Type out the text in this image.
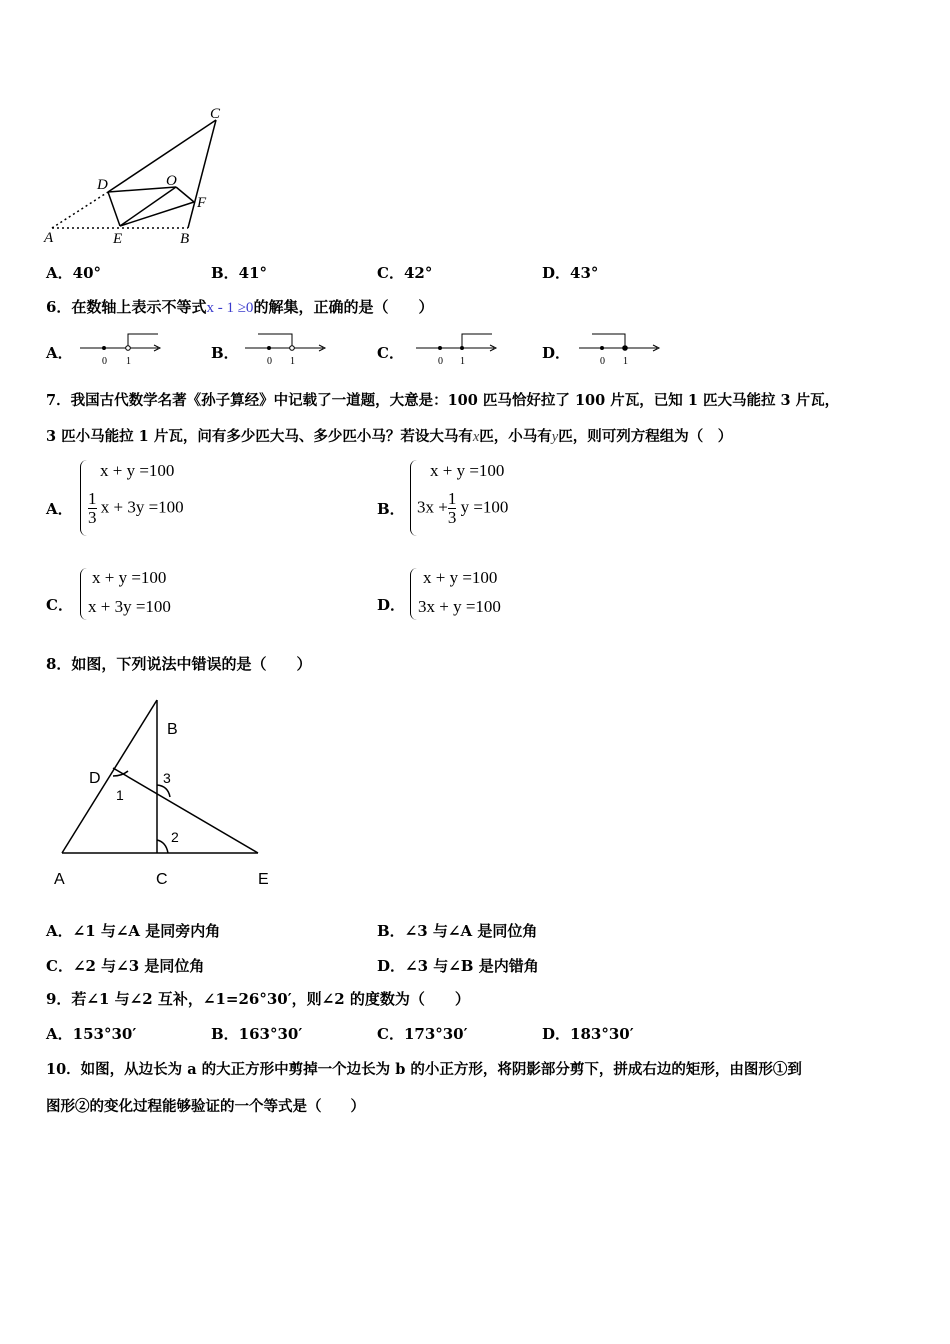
A	E	B
D	O
F
C
A．40°	B．41°	C．42°	D．43°
6．在数轴上表示不等式x - 1 ≥0的解集，正确的是（　　）
A．	B．	C．	D．
0 1	0 1	0 1	0 1
7．我国古代数学名著《孙子算经》中记载了一道题，大意是：100 匹马恰好拉了 100 片瓦，已知 1 匹大马能拉 3 片瓦，
3 匹小马能拉 1 片瓦，问有多少匹大马、多少匹小马？若设大马有x匹，小马有y匹，则可列方程组为（　）
A．
x + y =100
$\frac{1}{3}$ x + 3y =100	B．
x + y =100
$3x + \frac{1}{3}$ y =100
C．
x + y =100
x + 3y =100	D．
x + y =100
3x + y =100
8．如图，下列说法中错误的是（　　）
A	C	E
B
D
1
2
3
A．∠1 与∠A 是同旁内角	B．∠3 与∠A 是同位角
C．∠2 与∠3 是同位角	D．∠3 与∠B 是内错角
9．若∠1 与∠2 互补，∠1=26°30′，则∠2 的度数为（　　）
A．153°30′	B．163°30′	C．173°30′	D．183°30′
10．如图，从边长为 a 的大正方形中剪掉一个边长为 b 的小正方形，将阴影部分剪下，拼成右边的矩形，由图形①到
图形②的变化过程能够验证的一个等式是（　　）
